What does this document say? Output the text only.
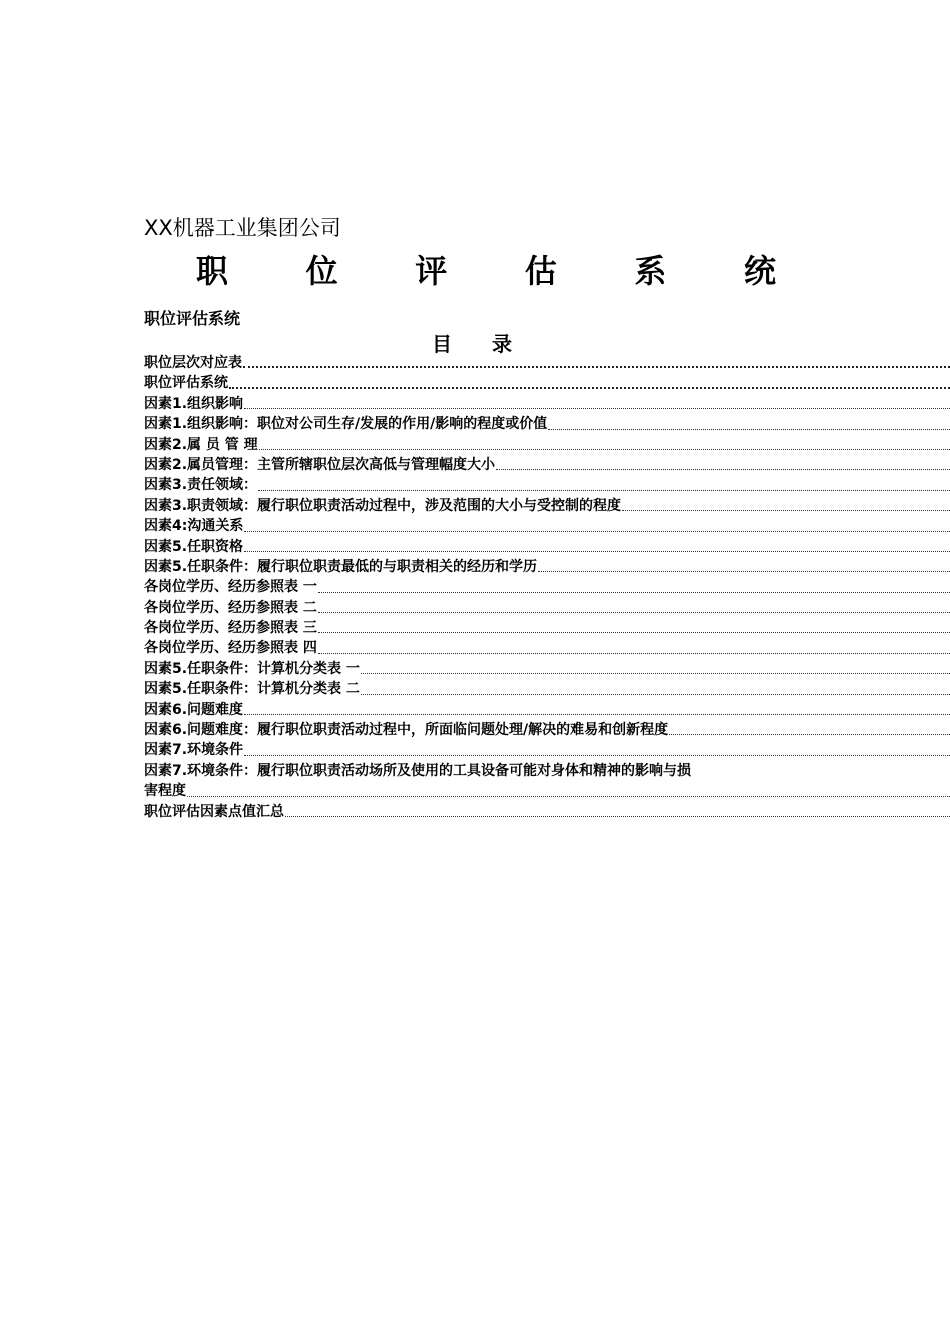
XX机器工业集团公司
职 位 评 估 系 统
职位评估系统
目 录
职位层次对应表
职位评估系统
因素1.组织影响
因素1.组织影响：职位对公司生存/发展的作用/影响的程度或价值
因素2.属 员 管 理
因素2.属员管理：主管所辖职位层次高低与管理幅度大小
因素3.责任领域：
因素3.职责领域：履行职位职责活动过程中，涉及范围的大小与受控制的程度
因素4:沟通关系
因素5.任职资格
因素5.任职条件：履行职位职责最低的与职责相关的经历和学历
各岗位学历、经历参照表 一
各岗位学历、经历参照表 二
各岗位学历、经历参照表 三
各岗位学历、经历参照表 四
因素5.任职条件：计算机分类表 一
因素5.任职条件：计算机分类表 二
因素6.问题难度
因素6.问题难度：履行职位职责活动过程中，所面临问题处理/解决的难易和创新程度
因素7.环境条件
因素7.环境条件：履行职位职责活动场所及使用的工具设备可能对身体和精神的影响与损
害程度
职位评估因素点值汇总
